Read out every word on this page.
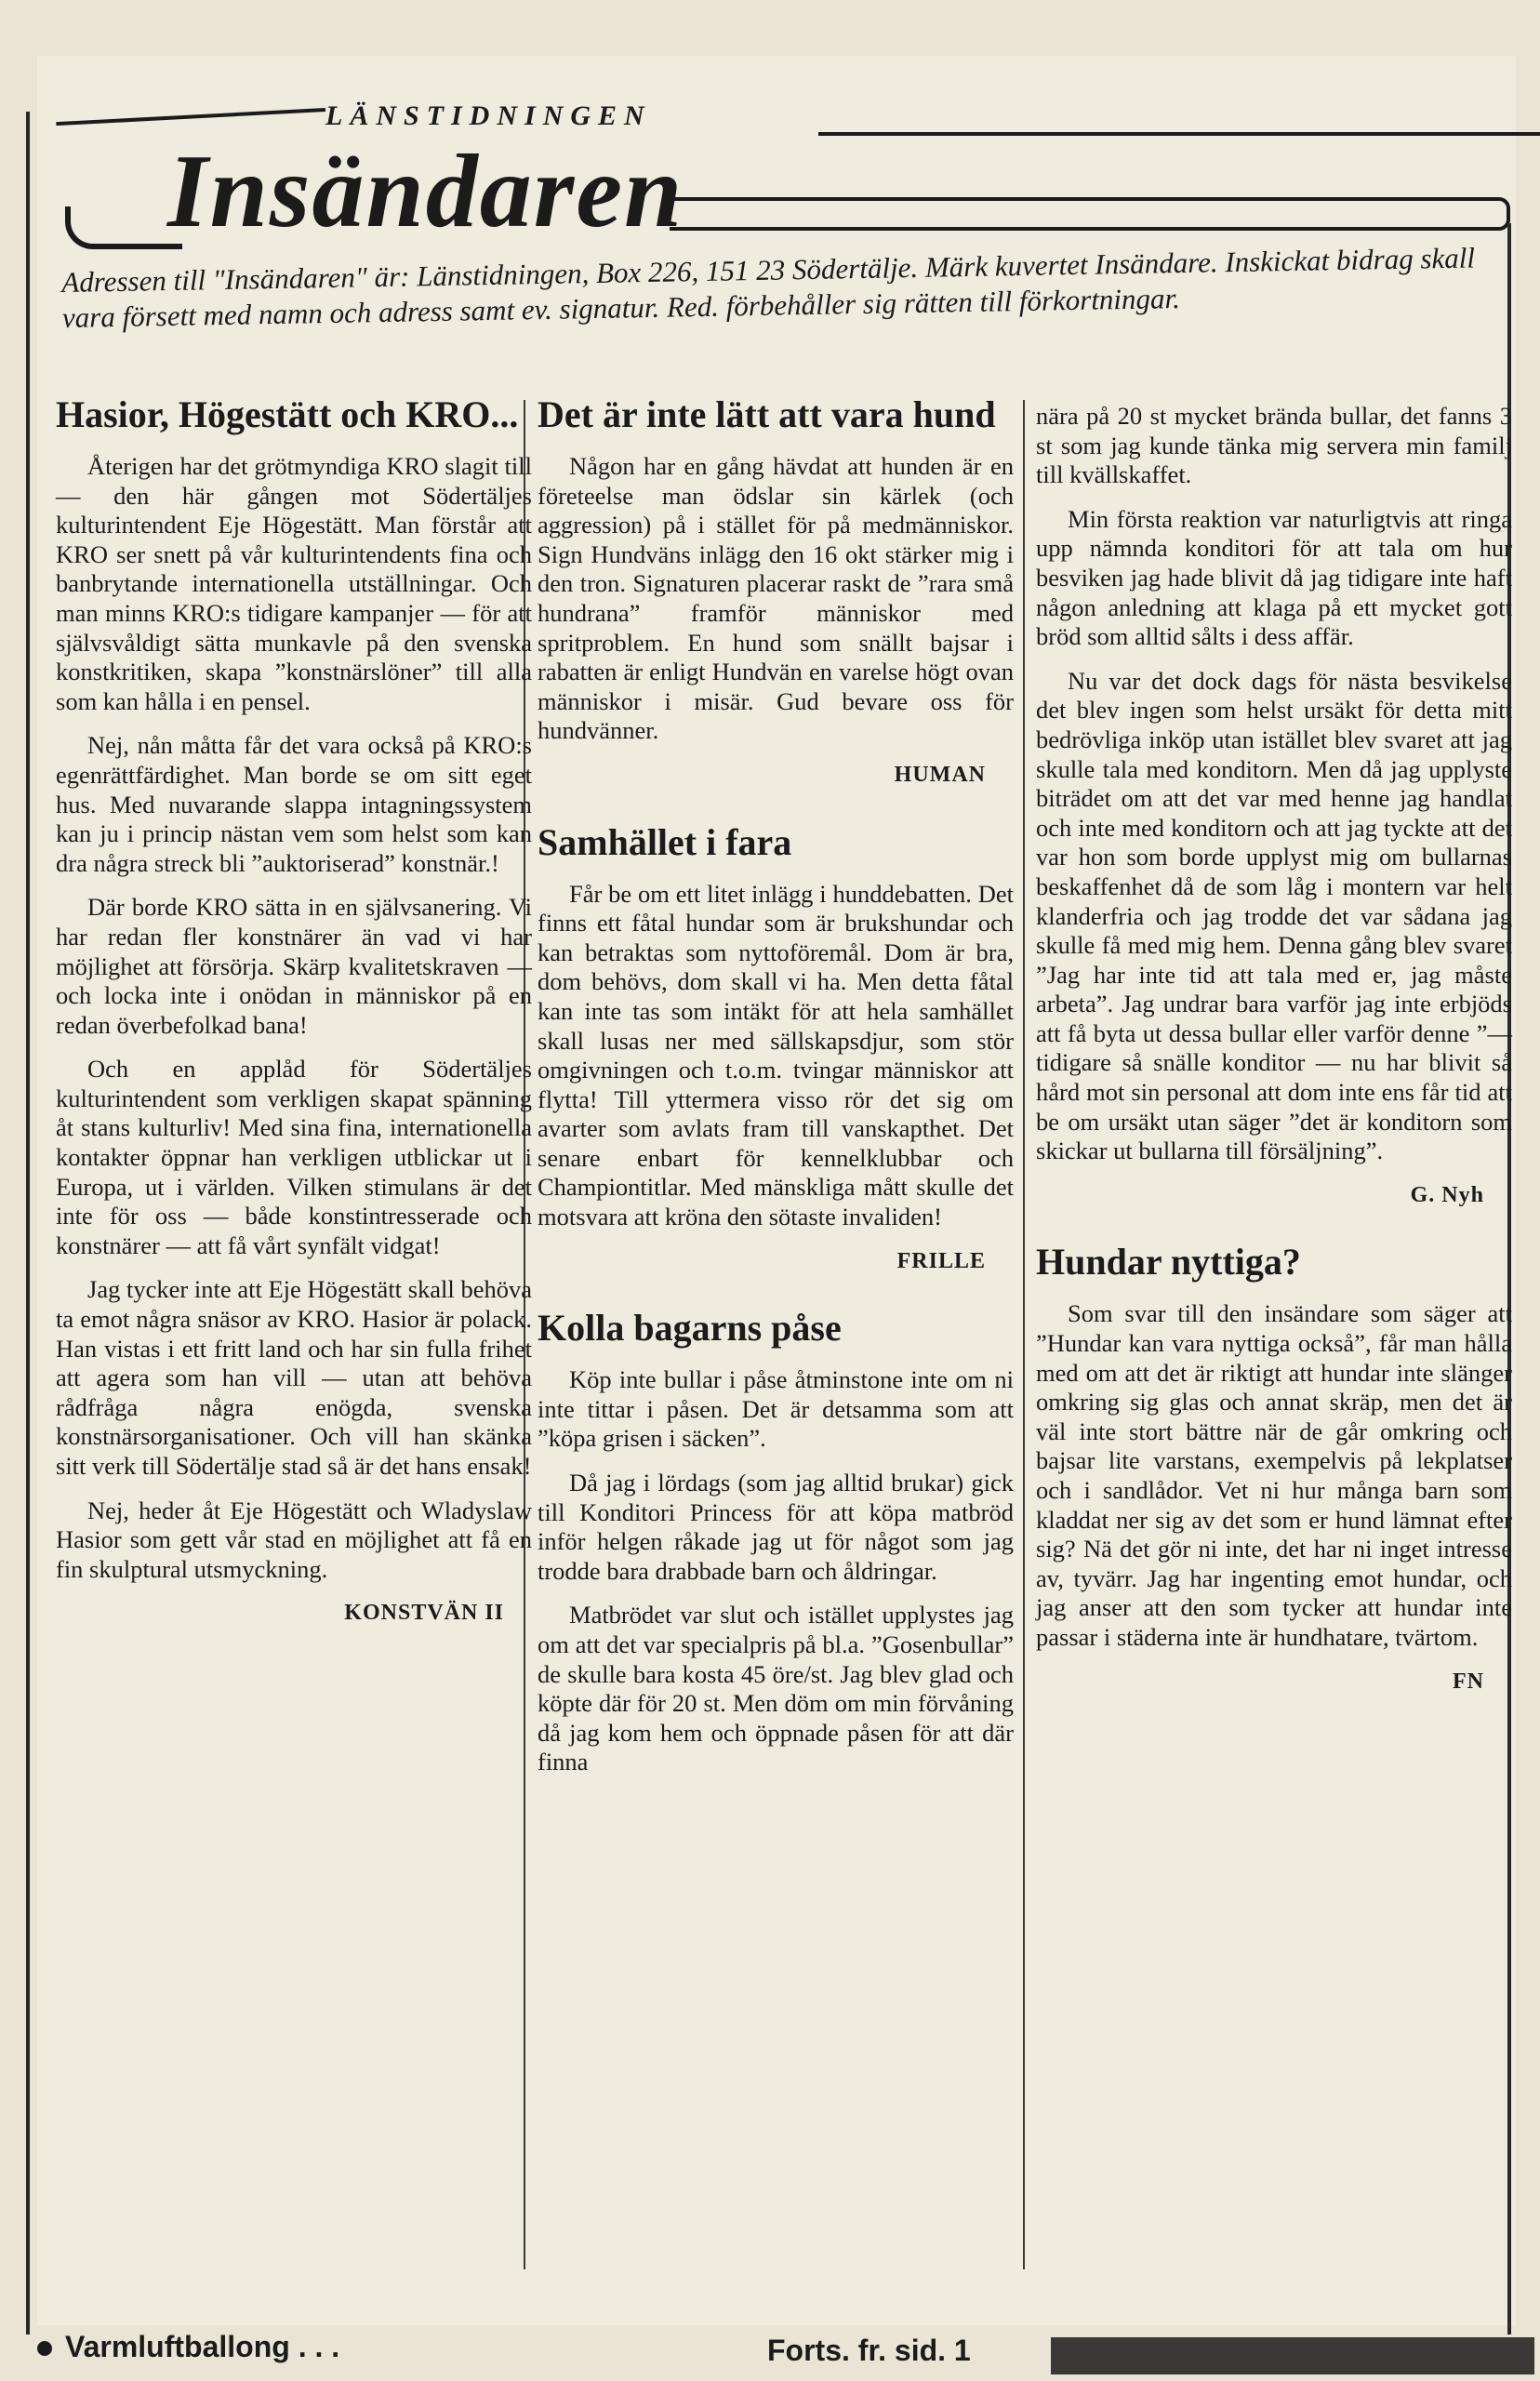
LÄNSTIDNINGEN
Insändaren
Adressen till "Insändaren" är: Länstidningen, Box 226, 151 23 Södertälje. Märk kuvertet Insändare. Inskickat bidrag skall vara försett med namn och adress samt ev. signatur. Red. förbehåller sig rätten till förkortningar.
Hasior, Högestätt och KRO...

Återigen har det grötmyndiga KRO slagit till — den här gången mot Södertäljes kulturintendent Eje Högestätt. Man förstår att KRO ser snett på vår kulturintendents fina och banbrytande internationella utställningar. Och man minns KRO:s tidigare kampanjer — för att självsvåldigt sätta munkavle på den svenska konstkritiken, skapa ”konstnärslöner” till alla som kan hålla i en pensel.

Nej, nån måtta får det vara också på KRO:s egenrättfärdighet. Man borde se om sitt eget hus. Med nuvarande slappa intagningssystem kan ju i princip nästan vem som helst som kan dra några streck bli ”auktoriserad” konstnär.!

Där borde KRO sätta in en självsanering. Vi har redan fler konstnärer än vad vi har möjlighet att försörja. Skärp kvalitetskraven — och locka inte i onödan in människor på en redan överbefolkad bana!

Och en applåd för Södertäljes kulturintendent som verkligen skapat spänning åt stans kulturliv! Med sina fina, internationella kontakter öppnar han verkligen utblickar ut i Europa, ut i världen. Vilken stimulans är det inte för oss — både konstintresserade och konstnärer — att få vårt synfält vidgat!

Jag tycker inte att Eje Högestätt skall behöva ta emot några snäsor av KRO. Hasior är polack. Han vistas i ett fritt land och har sin fulla frihet att agera som han vill — utan att behöva rådfråga några enögda, svenska konstnärsorganisationer. Och vill han skänka sitt verk till Södertälje stad så är det hans ensak!

Nej, heder åt Eje Högestätt och Wladyslaw Hasior som gett vår stad en möjlighet att få en fin skulptural utsmyckning.

KONSTVÄN II
Det är inte lätt att vara hund

Någon har en gång hävdat att hunden är en företeelse man ödslar sin kärlek (och aggression) på i stället för på medmänniskor. Sign Hundväns inlägg den 16 okt stärker mig i den tron. Signaturen placerar raskt de ”rara små hundrana” framför människor med spritproblem. En hund som snällt bajsar i rabatten är enligt Hundvän en varelse högt ovan människor i misär. Gud bevare oss för hundvänner.

HUMAN
Samhället i fara

Får be om ett litet inlägg i hunddebatten. Det finns ett fåtal hundar som är brukshundar och kan betraktas som nyttoföremål. Dom är bra, dom behövs, dom skall vi ha. Men detta fåtal kan inte tas som intäkt för att hela samhället skall lusas ner med sällskapsdjur, som stör omgivningen och t.o.m. tvingar människor att flytta! Till yttermera visso rör det sig om avarter som avlats fram till vanskapthet. Det senare enbart för kennelklubbar och Championtitlar. Med mänskliga mått skulle det motsvara att kröna den sötaste invaliden!

FRILLE
Kolla bagarns påse

Köp inte bullar i påse åtminstone inte om ni inte tittar i påsen. Det är detsamma som att ”köpa grisen i säcken”.

Då jag i lördags (som jag alltid brukar) gick till Konditori Princess för att köpa matbröd inför helgen råkade jag ut för något som jag trodde bara drabbade barn och åldringar.

Matbrödet var slut och istället upplystes jag om att det var specialpris på bl.a. ”Gosenbullar” de skulle bara kosta 45 öre/st. Jag blev glad och köpte där för 20 st. Men döm om min förvåning då jag kom hem och öppnade påsen för att där finna

nära på 20 st mycket brända bullar, det fanns 3 st som jag kunde tänka mig servera min familj till kvällskaffet.

Min första reaktion var naturligtvis att ringa upp nämnda konditori för att tala om hur besviken jag hade blivit då jag tidigare inte haft någon anledning att klaga på ett mycket gott bröd som alltid sålts i dess affär.

Nu var det dock dags för nästa besvikelse det blev ingen som helst ursäkt för detta mitt bedrövliga inköp utan istället blev svaret att jag skulle tala med konditorn. Men då jag upplyste biträdet om att det var med henne jag handlat och inte med konditorn och att jag tyckte att det var hon som borde upplyst mig om bullarnas beskaffenhet då de som låg i montern var helt klanderfria och jag trodde det var sådana jag skulle få med mig hem. Denna gång blev svaret ”Jag har inte tid att tala med er, jag måste arbeta”. Jag undrar bara varför jag inte erbjöds att få byta ut dessa bullar eller varför denne ”— tidigare så snälle konditor — nu har blivit så hård mot sin personal att dom inte ens får tid att be om ursäkt utan säger ”det är konditorn som skickar ut bullarna till försäljning”.

G. Nyh
Hundar nyttiga?

Som svar till den insändare som säger att ”Hundar kan vara nyttiga också”, får man hålla med om att det är riktigt att hundar inte slänger omkring sig glas och annat skräp, men det är väl inte stort bättre när de går omkring och bajsar lite varstans, exempelvis på lekplatser och i sandlådor. Vet ni hur många barn som kladdat ner sig av det som er hund lämnat efter sig? Nä det gör ni inte, det har ni inget intresse av, tyvärr. Jag har ingenting emot hundar, och jag anser att den som tycker att hundar inte passar i städerna inte är hundhatare, tvärtom.

FN
Varmluftballong . . .	Forts. fr. sid. 1
